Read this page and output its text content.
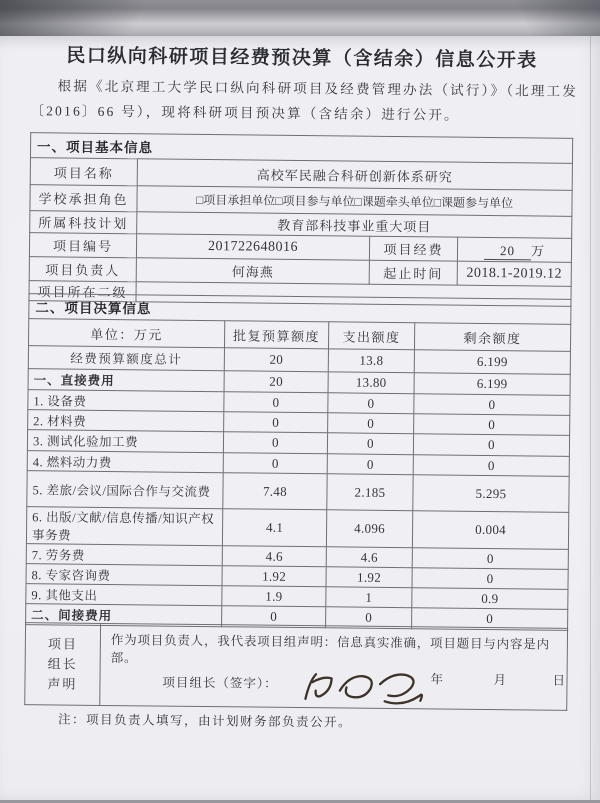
民口纵向科研项目经费预决算（含结余）信息公开表
根据《北京理工大学民口纵向科研项目及经费管理办法（试行）》（北理工发
〔2016〕66 号），现将科研项目预决算（含结余）进行公开。
一、项目基本信息			
项目名称	高校军民融合科研创新体系研究		
学校承担角色	□项目承担单位□项目参与单位□课题牵头单位□课题参与单位		
所属科技计划	教育部科技事业重大项目		
项目编号	201722648016	项目经费	20 万
项目负责人	何海燕	起止时间	2018.1-2019.12
项目所在二级			
二、项目决算信息			
单位：万元	批复预算额度	支出额度	剩余额度
经费预算额度总计	20	13.8	6.199
一、直接费用	20	13.80	6.199
1. 设备费	0	0	0
2. 材料费	0	0	0
3. 测试化验加工费	0	0	0
4. 燃料动力费	0	0	0
5. 差旅/会议/国际合作与交流费	7.48	2.185	5.295
6. 出版/文献/信息传播/知识产权事务费	4.1	4.096	0.004
7. 劳务费	4.6	4.6	0
8. 专家咨询费	1.92	1.92	0
9. 其他支出	1.9	1	0.9
二、间接费用	0	0	0
项目
组长
声明

作为项目负责人，我代表项目组声明：信息真实准确，项目题目与内容是内部。
项目组长（签字）：	年	月	日
注：项目负责人填写，由计划财务部负责公开。
